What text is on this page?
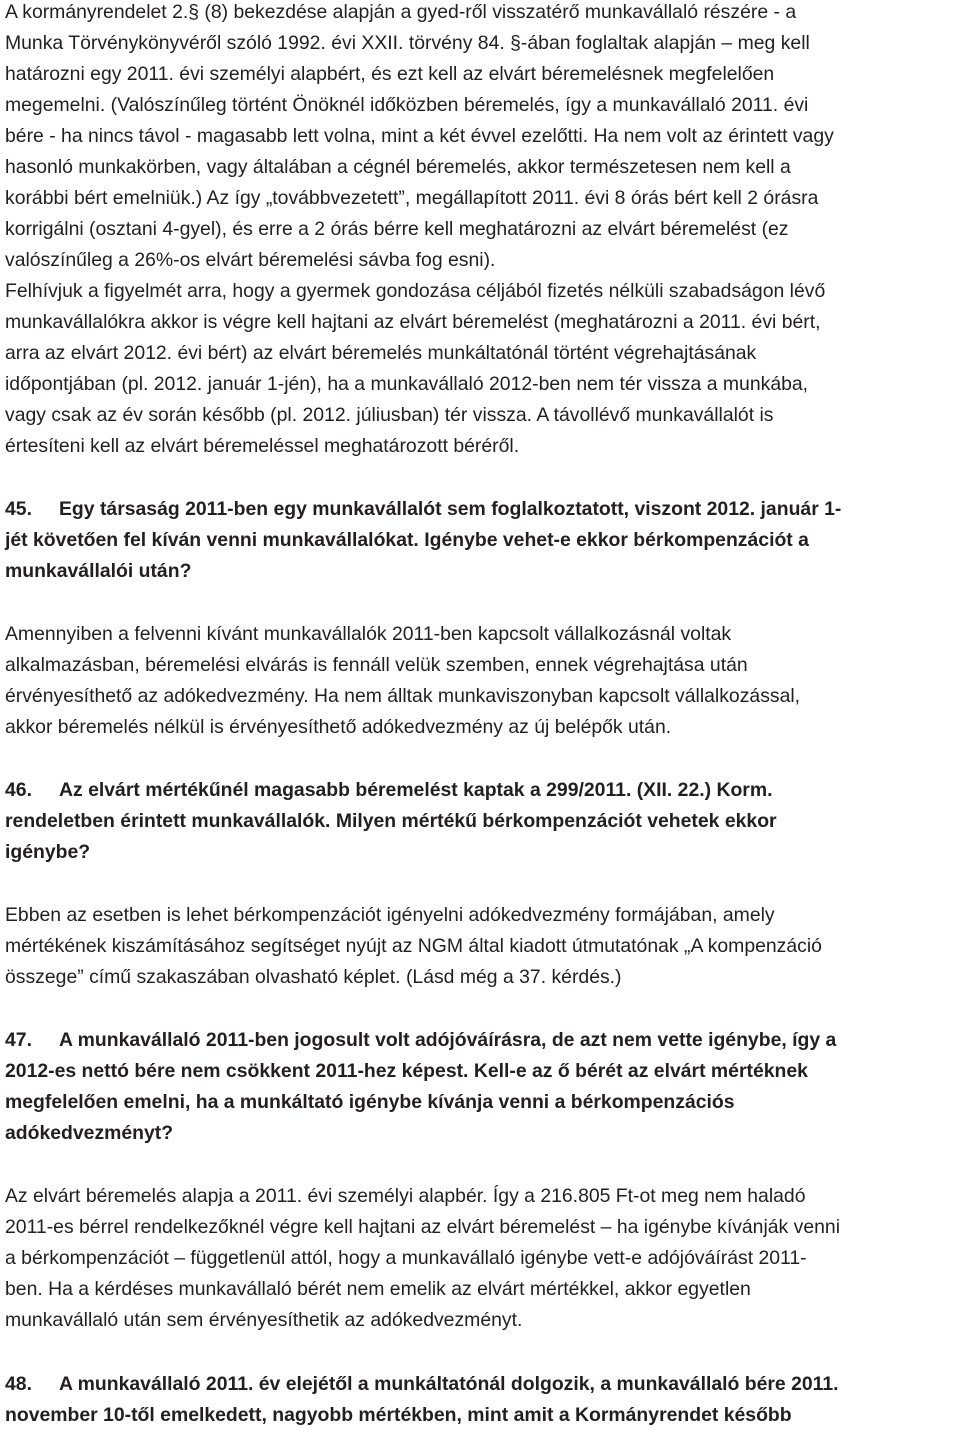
A kormányrendelet 2.§ (8) bekezdése alapján a gyed-ről visszatérő munkavállaló részére - a
Munka Törvénykönyvéről szóló 1992. évi XXII. törvény 84. §-ában foglaltak alapján – meg kell
határozni egy 2011. évi személyi alapbért, és ezt kell az elvárt béremelésnek megfelelően
megemelni. (Valószínűleg történt Önöknél időközben béremelés, így a munkavállaló 2011. évi
bére - ha nincs távol - magasabb lett volna, mint a két évvel ezelőtti. Ha nem volt az érintett vagy
hasonló munkakörben, vagy általában a cégnél béremelés, akkor természetesen nem kell a
korábbi bért emelniük.) Az így „továbbvezetett”, megállapított 2011. évi 8 órás bért kell 2 órásra
korrigálni (osztani 4-gyel), és erre a 2 órás bérre kell meghatározni az elvárt béremelést (ez
valószínűleg a 26%-os elvárt béremelési sávba fog esni).
Felhívjuk a figyelmét arra, hogy a gyermek gondozása céljából fizetés nélküli szabadságon lévő
munkavállalókra akkor is végre kell hajtani az elvárt béremelést (meghatározni a 2011. évi bért,
arra az elvárt 2012. évi bért) az elvárt béremelés munkáltatónál történt végrehajtásának
időpontjában (pl. 2012. január 1-jén), ha a munkavállaló 2012-ben nem tér vissza a munkába,
vagy csak az év során később (pl. 2012. júliusban) tér vissza. A távollévő munkavállalót is
értesíteni kell az elvárt béremeléssel meghatározott béréről.
45. Egy társaság 2011-ben egy munkavállalót sem foglalkoztatott, viszont 2012. január 1-
jét követően fel kíván venni munkavállalókat. Igénybe vehet-e ekkor bérkompenzációt a
munkavállalói után?
Amennyiben a felvenni kívánt munkavállalók 2011-ben kapcsolt vállalkozásnál voltak
alkalmazásban, béremelési elvárás is fennáll velük szemben, ennek végrehajtása után
érvényesíthető az adókedvezmény. Ha nem álltak munkaviszonyban kapcsolt vállalkozással,
akkor béremelés nélkül is érvényesíthető adókedvezmény az új belépők után.
46. Az elvárt mértékűnél magasabb béremelést kaptak a 299/2011. (XII. 22.) Korm.
rendeletben érintett munkavállalók. Milyen mértékű bérkompenzációt vehetek ekkor
igénybe?
Ebben az esetben is lehet bérkompenzációt igényelni adókedvezmény formájában, amely
mértékének kiszámításához segítséget nyújt az NGM által kiadott útmutatónak „A kompenzáció
összege” című szakaszában olvasható képlet. (Lásd még a 37. kérdés.)
47. A munkavállaló 2011-ben jogosult volt adójóváírásra, de azt nem vette igénybe, így a
2012-es nettó bére nem csökkent 2011-hez képest. Kell-e az ő bérét az elvárt mértéknek
megfelelően emelni, ha a munkáltató igénybe kívánja venni a bérkompenzációs
adókedvezményt?
Az elvárt béremelés alapja a 2011. évi személyi alapbér. Így a 216.805 Ft-ot meg nem haladó
2011-es bérrel rendelkezőknél végre kell hajtani az elvárt béremelést – ha igénybe kívánják venni
a bérkompenzációt – függetlenül attól, hogy a munkavállaló igénybe vett-e adójóváírást 2011-
ben. Ha a kérdéses munkavállaló bérét nem emelik az elvárt mértékkel, akkor egyetlen
munkavállaló után sem érvényesíthetik az adókedvezményt.
48. A munkavállaló 2011. év elejétől a munkáltatónál dolgozik, a munkavállaló bére 2011.
november 10-től emelkedett, nagyobb mértékben, mint amit a Kormányrendet később
